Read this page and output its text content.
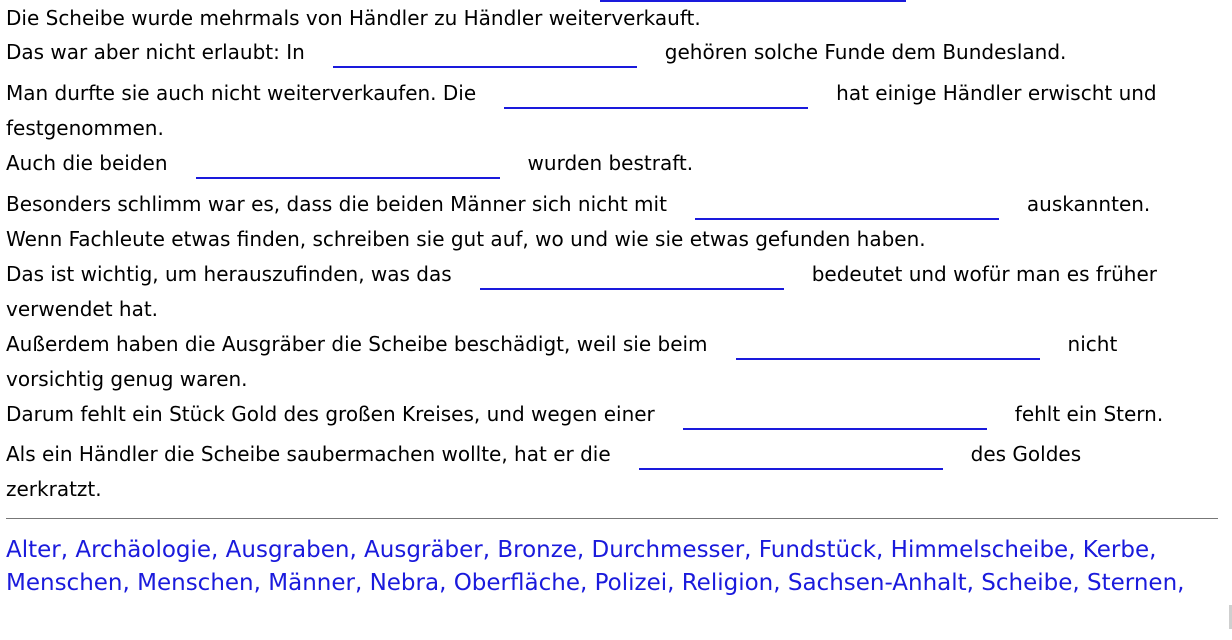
Die Scheibe wurde mehrmals von Händler zu Händler weiterverkauft.

Das war aber nicht erlaubt: In	gehören solche Funde dem Bundesland.

Man durfte sie auch nicht weiterverkaufen. Die	hat einige Händler erwischt und
festgenommen.

Auch die beiden	wurden bestraft.

Besonders schlimm war es, dass die beiden Männer sich nicht mit	auskannten.

Wenn Fachleute etwas finden, schreiben sie gut auf, wo und wie sie etwas gefunden haben.

Das ist wichtig, um herauszufinden, was das	bedeutet und wofür man es früher
verwendet hat.

Außerdem haben die Ausgräber die Scheibe beschädigt, weil sie beim	nicht
vorsichtig genug waren.

Darum fehlt ein Stück Gold des großen Kreises, und wegen einer	fehlt ein Stern.

Als ein Händler die Scheibe saubermachen wollte, hat er die	des Goldes
zerkratzt.

Alter, Archäologie, Ausgraben, Ausgräber, Bronze, Durchmesser, Fundstück, Himmelscheibe, Kerbe, Menschen, Menschen, Männer, Nebra, Oberfläche, Polizei, Religion, Sachsen-Anhalt, Scheibe, Sternen,
